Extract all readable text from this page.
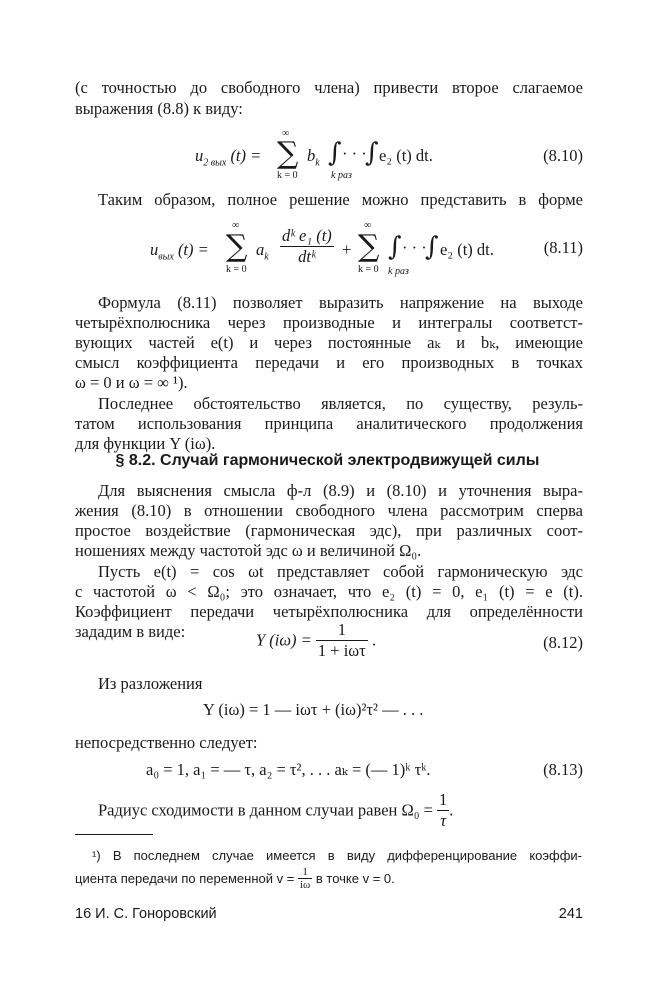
(с точностью до свободного члена) привести второе слагаемое
выражения (8.8) к виду:
$u_{2 вых}$ (t) =
∞
∑
k = 0
$b_k$ ∫ · · ·
∫
k раз
e₂ (t) dt.	(8.10)
Таким образом, полное решение можно представить в форме
$u_{вых}$ (t) =
∞
∑
k = 0
$a_k$
dᵏ e₁ (t)
dtᵏ	+
∞
∑
k = 0
∫ · · ·
∫
k раз
e₂ (t) dt.	(8.11)
Формула (8.11) позволяет выразить напряжение на выходе
четырёхполюсника через производные и интегралы соответст-
вующих частей e(t) и через постоянные aₖ и bₖ, имеющие
смысл коэффициента передачи и его производных в точках
ω = 0 и ω = ∞ ¹).
Последнее обстоятельство является, по существу, резуль-
татом использования принципа аналитического продолжения
для функции Y (iω).
§ 8.2. Случай гармонической электродвижущей силы
Для выяснения смысла ф-л (8.9) и (8.10) и уточнения выра-
жения (8.10) в отношении свободного члена рассмотрим сперва
простое воздействие (гармоническая эдс), при различных соот-
ношениях между частотой эдс ω и величиной Ω₀.
Пусть e(t) = cos ωt представляет собой гармоническую эдс
с частотой ω < Ω₀; это означает, что e₂ (t) = 0, e₁ (t) = e (t).
Коэффициент передачи четырёхполюсника для определённости
зададим в виде:	Y $(i\omega) = \frac{1}{\text{1 + iωτ}}$ .	(8.12)
Из разложения
Y (iω) = 1 — iωτ + (iω)²τ² — . . .
непосредственно следует:
a₀ = 1, a₁ = — τ, a₂ = τ², . . . aₖ = (— 1)ᵏ τᵏ.	(8.13)
Радиус сходимости в данном случаи равен $\Omega_0 = \frac{1}{\tau}$ .
¹) В последнем случае имеется в виду дифференцирование коэффи-
циента передачи по переменной $v = \frac{1}{i\omega}$ в точке v = 0.
16 И. С. Гоноровский	241
